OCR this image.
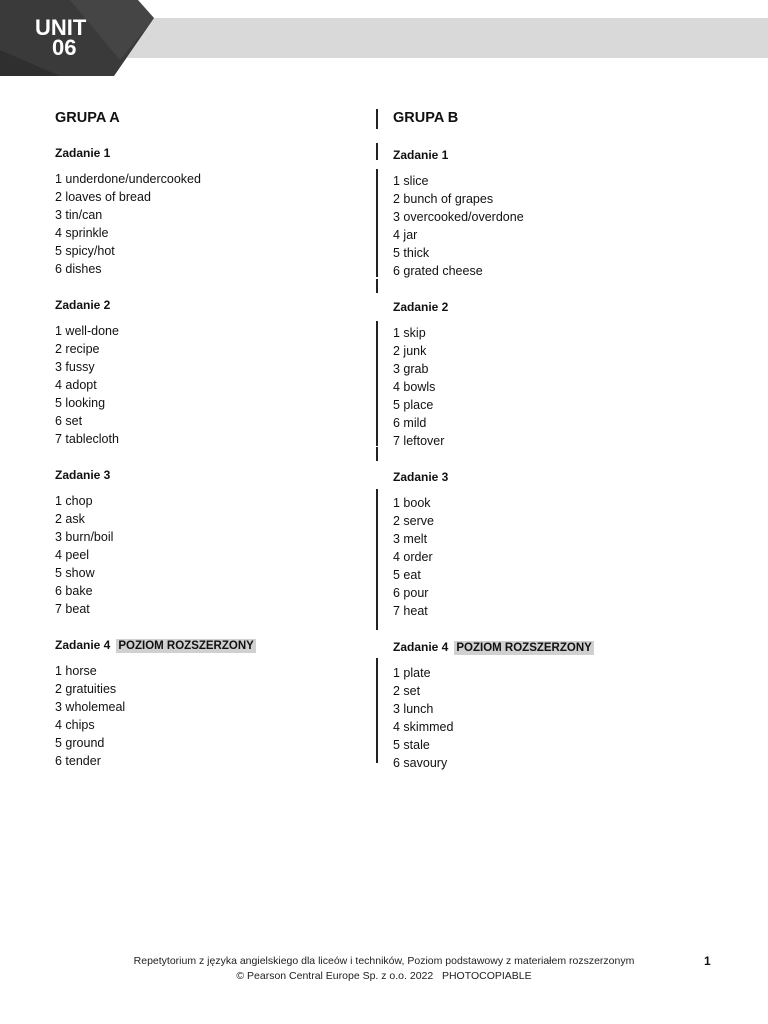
UNIT
06
GRUPA A
Zadanie 1
1 underdone/undercooked
2 loaves of bread
3 tin/can
4 sprinkle
5 spicy/hot
6 dishes
Zadanie 2
1 well-done
2 recipe
3 fussy
4 adopt
5 looking
6 set
7 tablecloth
Zadanie 3
1 chop
2 ask
3 burn/boil
4 peel
5 show
6 bake
7 beat
Zadanie 4 POZIOM ROZSZERZONY
1 horse
2 gratuities
3 wholemeal
4 chips
5 ground
6 tender
GRUPA B
Zadanie 1
1 slice
2 bunch of grapes
3 overcooked/overdone
4 jar
5 thick
6 grated cheese
Zadanie 2
1 skip
2 junk
3 grab
4 bowls
5 place
6 mild
7 leftover
Zadanie 3
1 book
2 serve
3 melt
4 order
5 eat
6 pour
7 heat
Zadanie 4 POZIOM ROZSZERZONY
1 plate
2 set
3 lunch
4 skimmed
5 stale
6 savoury
Repetytorium z języka angielskiego dla liceów i techników, Poziom podstawowy z materiałem rozszerzonym
© Pearson Central Europe Sp. z o.o. 2022   PHOTOCOPIABLE
1
